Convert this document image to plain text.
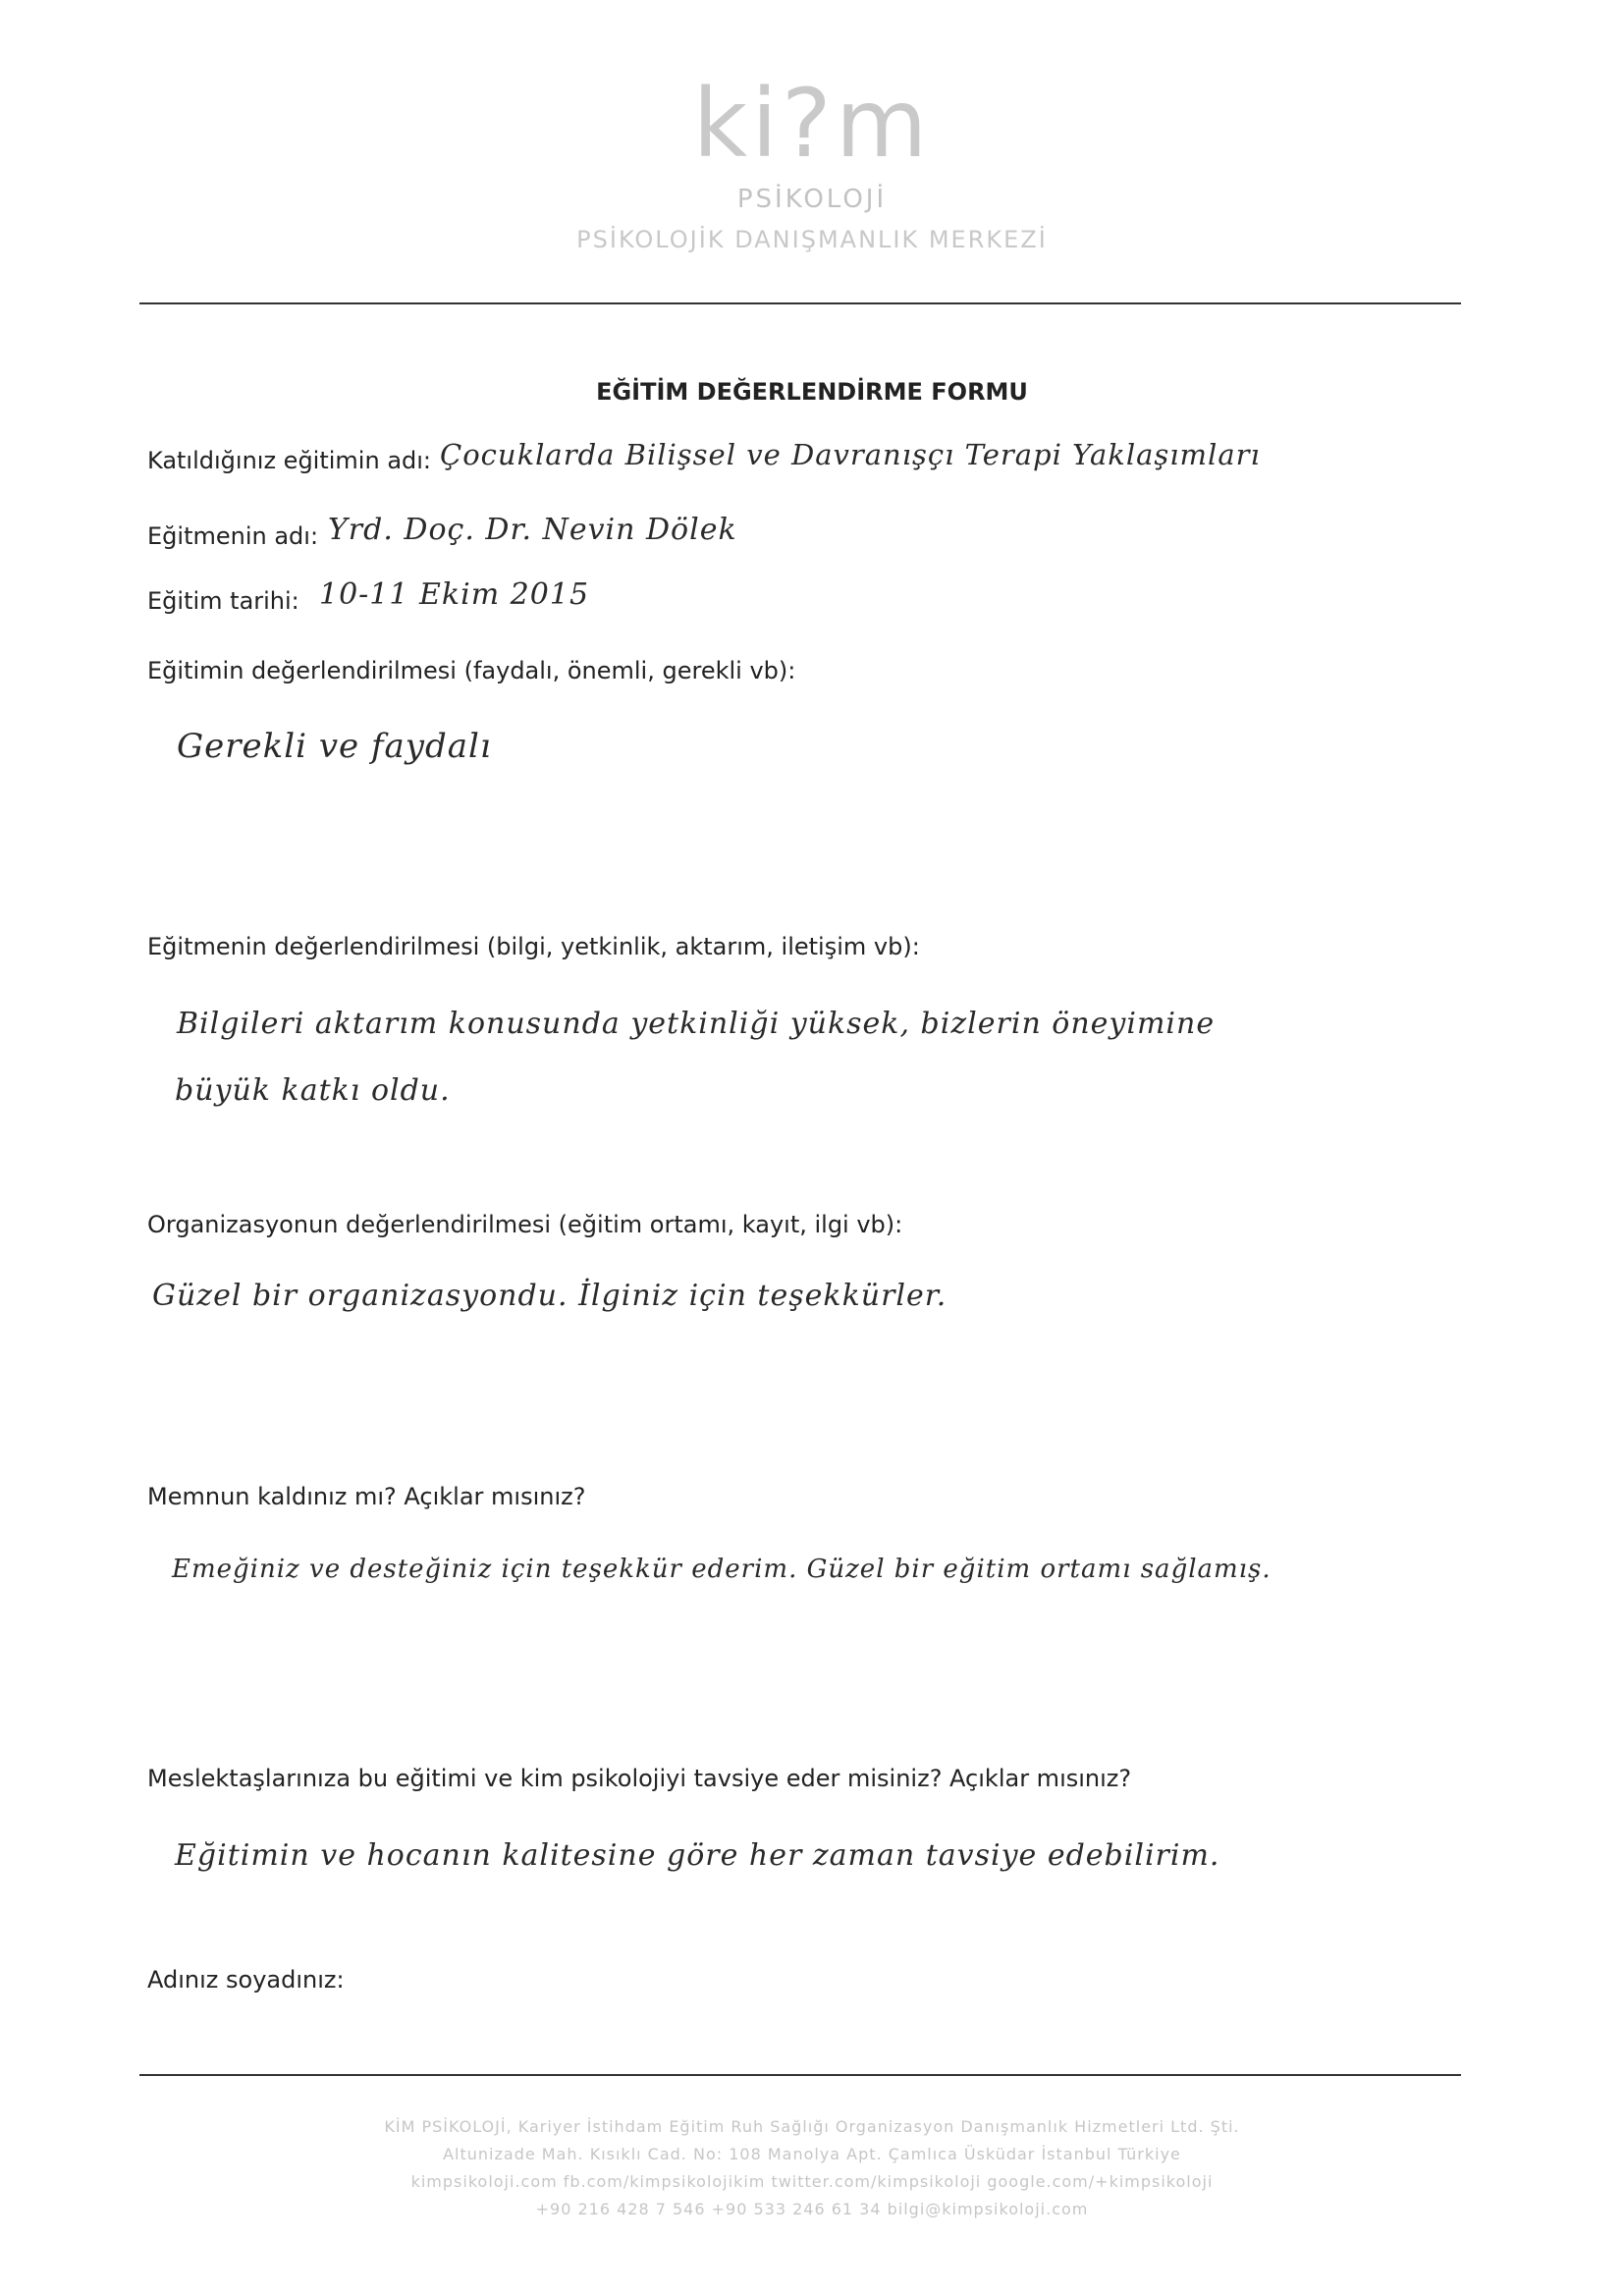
ki?m
PSİKOLOJİ
PSİKOLOJİK DANIŞMANLIK MERKEZİ
EĞİTİM DEĞERLENDİRME FORMU
Katıldığınız eğitimin adı: Çocuklarda Bilişsel ve Davranışçı Terapi Yaklaşımları
Eğitmenin adı: Yrd. Doç. Dr. Nevin Dölek
Eğitim tarihi: 10-11 Ekim 2015
Eğitimin değerlendirilmesi (faydalı, önemli, gerekli vb):
Gerekli ve faydalı
Eğitmenin değerlendirilmesi (bilgi, yetkinlik, aktarım, iletişim vb):
Bilgileri aktarım konusunda yetkinliği yüksek, bizlerin öneyimine
büyük katkı oldu.
Organizasyonun değerlendirilmesi (eğitim ortamı, kayıt, ilgi vb):
Güzel bir organizasyondu. İlginiz için teşekkürler.
Memnun kaldınız mı? Açıklar mısınız?
Emeğiniz ve desteğiniz için teşekkür ederim. Güzel bir eğitim ortamı sağlamış.
Meslektaşlarınıza bu eğitimi ve kim psikolojiyi tavsiye eder misiniz? Açıklar mısınız?
Eğitimin ve hocanın kalitesine göre her zaman tavsiye edebilirim.
Adınız soyadınız:
KİM PSİKOLOJİ, Kariyer İstihdam Eğitim Ruh Sağlığı Organizasyon Danışmanlık Hizmetleri Ltd. Şti.
Altunizade Mah. Kısıklı Cad. No: 108 Manolya Apt. Çamlıca Üsküdar İstanbul Türkiye
kimpsikoloji.com fb.com/kimpsikolojikim twitter.com/kimpsikoloji google.com/+kimpsikoloji
+90 216 428 7 546 +90 533 246 61 34 bilgi@kimpsikoloji.com
